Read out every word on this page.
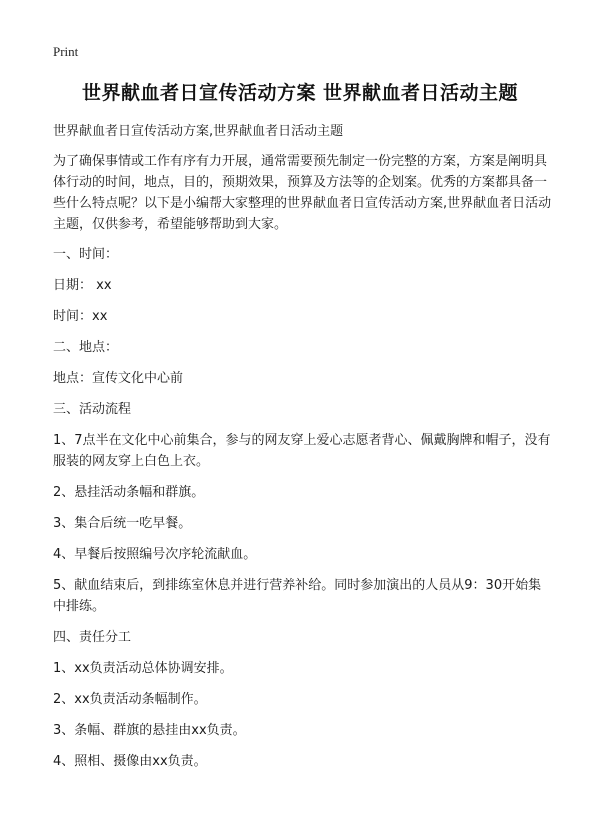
Print
世界献血者日宣传活动方案 世界献血者日活动主题

世界献血者日宣传活动方案,世界献血者日活动主题

为了确保事情或工作有序有力开展，通常需要预先制定一份完整的方案，方案是阐明具体行动的时间，地点，目的，预期效果，预算及方法等的企划案。优秀的方案都具备一些什么特点呢？以下是小编帮大家整理的世界献血者日宣传活动方案,世界献血者日活动主题，仅供参考，希望能够帮助到大家。

一、时间：

日期： xx

时间：xx

二、地点：

地点：宣传文化中心前

三、活动流程

1、7点半在文化中心前集合，参与的网友穿上爱心志愿者背心、佩戴胸牌和帽子，没有服装的网友穿上白色上衣。

2、悬挂活动条幅和群旗。

3、集合后统一吃早餐。

4、早餐后按照编号次序轮流献血。

5、献血结束后，到排练室休息并进行营养补给。同时参加演出的人员从9：30开始集中排练。

四、责任分工

1、xx负责活动总体协调安排。

2、xx负责活动条幅制作。

3、条幅、群旗的悬挂由xx负责。

4、照相、摄像由xx负责。
